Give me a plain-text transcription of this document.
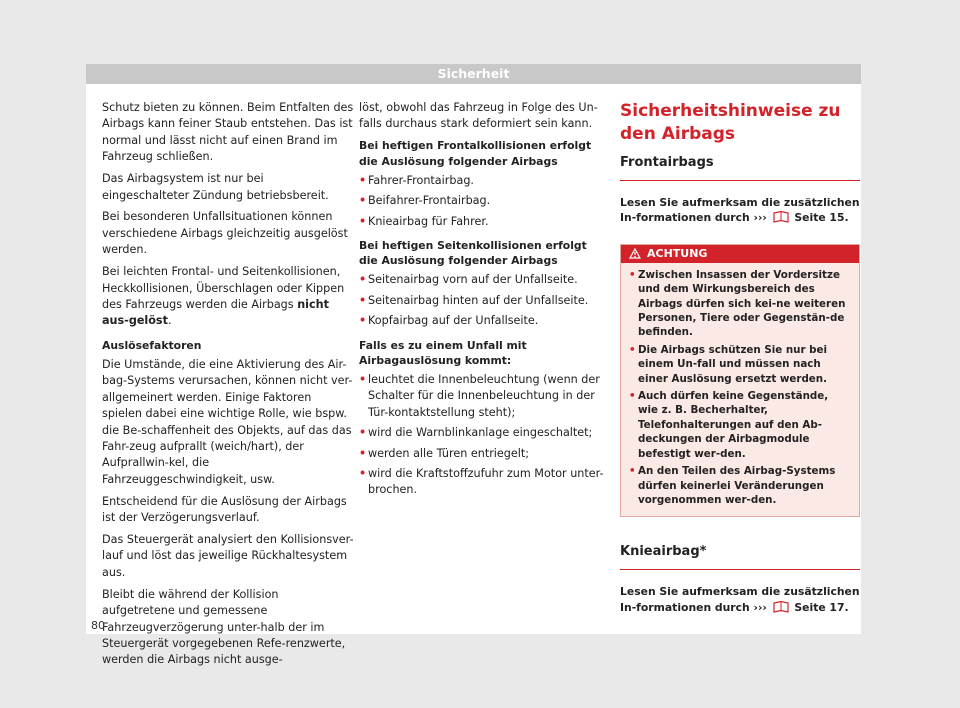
Sicherheit

Schutz bieten zu können. Beim Entfalten des Airbags kann feiner Staub entstehen. Das ist normal und lässt nicht auf einen Brand im Fahrzeug schließen.

Das Airbagsystem ist nur bei eingeschalteter Zündung betriebsbereit.

Bei besonderen Unfallsituationen können verschiedene Airbags gleichzeitig ausgelöst werden.

Bei leichten Frontal- und Seitenkollisionen, Heckkollisionen, Überschlagen oder Kippen des Fahrzeugs werden die Airbags nicht aus-gelöst.

Auslösefaktoren

Die Umstände, die eine Aktivierung des Air-bag-Systems verursachen, können nicht ver-allgemeinert werden. Einige Faktoren spielen dabei eine wichtige Rolle, wie bspw. die Be-schaffenheit des Objekts, auf das das Fahr-zeug aufprallt (weich/hart), der Aufprallwin-kel, die Fahrzeuggeschwindigkeit, usw.

Entscheidend für die Auslösung der Airbags ist der Verzögerungsverlauf.

Das Steuergerät analysiert den Kollisionsver-lauf und löst das jeweilige Rückhaltesystem aus.

Bleibt die während der Kollision aufgetretene und gemessene Fahrzeugverzögerung unter-halb der im Steuergerät vorgegebenen Refe-renzwerte, werden die Airbags nicht ausge-

löst, obwohl das Fahrzeug in Folge des Un-falls durchaus stark deformiert sein kann.

Bei heftigen Frontalkollisionen erfolgt die Auslösung folgender Airbags

• Fahrer-Frontairbag.
• Beifahrer-Frontairbag.
• Knieairbag für Fahrer.

Bei heftigen Seitenkollisionen erfolgt die Auslösung folgender Airbags

• Seitenairbag vorn auf der Unfallseite.
• Seitenairbag hinten auf der Unfallseite.
• Kopfairbag auf der Unfallseite.

Falls es zu einem Unfall mit Airbagauslösung kommt:

• leuchtet die Innenbeleuchtung (wenn der Schalter für die Innenbeleuchtung in der Tür-kontaktstellung steht);
• wird die Warnblinkanlage eingeschaltet;
• werden alle Türen entriegelt;
• wird die Kraftstoffzufuhr zum Motor unter-brochen.
Sicherheitshinweise zu den Airbags
Frontairbags

Lesen Sie aufmerksam die zusätzlichen In-formationen durch ›››	Seite 15.

ACHTUNG
• Zwischen Insassen der Vordersitze und dem Wirkungsbereich des Airbags dürfen sich kei-ne weiteren Personen, Tiere oder Gegenstän-de befinden.
• Die Airbags schützen Sie nur bei einem Un-fall und müssen nach einer Auslösung ersetzt werden.
• Auch dürfen keine Gegenstände, wie z. B. Becherhalter, Telefonhalterungen auf den Ab-deckungen der Airbagmodule befestigt wer-den.
• An den Teilen des Airbag-Systems dürfen keinerlei Veränderungen vorgenommen wer-den.
Knieairbag*

Lesen Sie aufmerksam die zusätzlichen In-formationen durch ›››	Seite 17.

80
